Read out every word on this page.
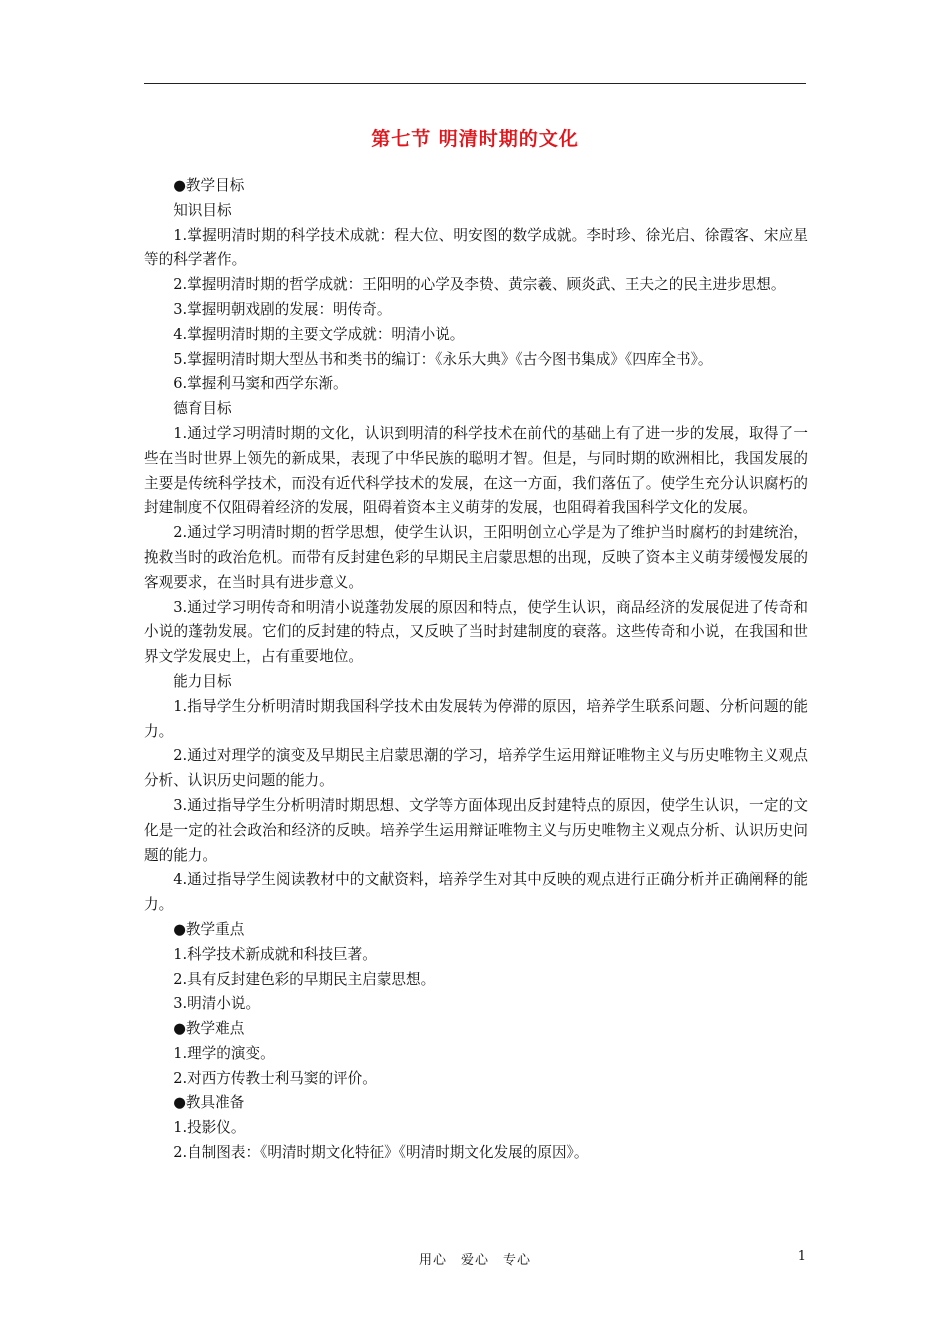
第七节 明清时期的文化

●教学目标

知识目标

1.掌握明清时期的科学技术成就：程大位、明安图的数学成就。李时珍、徐光启、徐霞客、宋应星等的科学著作。

2.掌握明清时期的哲学成就：王阳明的心学及李贽、黄宗羲、顾炎武、王夫之的民主进步思想。

3.掌握明朝戏剧的发展：明传奇。

4.掌握明清时期的主要文学成就：明清小说。

5.掌握明清时期大型丛书和类书的编订：《永乐大典》《古今图书集成》《四库全书》。

6.掌握利马窦和西学东渐。

德育目标

1.通过学习明清时期的文化，认识到明清的科学技术在前代的基础上有了进一步的发展，取得了一些在当时世界上领先的新成果，表现了中华民族的聪明才智。但是，与同时期的欧洲相比，我国发展的主要是传统科学技术，而没有近代科学技术的发展，在这一方面，我们落伍了。使学生充分认识腐朽的封建制度不仅阻碍着经济的发展，阻碍着资本主义萌芽的发展，也阻碍着我国科学文化的发展。

2.通过学习明清时期的哲学思想，使学生认识，王阳明创立心学是为了维护当时腐朽的封建统治，挽救当时的政治危机。而带有反封建色彩的早期民主启蒙思想的出现，反映了资本主义萌芽缓慢发展的客观要求，在当时具有进步意义。

3.通过学习明传奇和明清小说蓬勃发展的原因和特点，使学生认识，商品经济的发展促进了传奇和小说的蓬勃发展。它们的反封建的特点，又反映了当时封建制度的衰落。这些传奇和小说，在我国和世界文学发展史上，占有重要地位。

能力目标

1.指导学生分析明清时期我国科学技术由发展转为停滞的原因，培养学生联系问题、分析问题的能力。

2.通过对理学的演变及早期民主启蒙思潮的学习，培养学生运用辩证唯物主义与历史唯物主义观点分析、认识历史问题的能力。

3.通过指导学生分析明清时期思想、文学等方面体现出反封建特点的原因，使学生认识，一定的文化是一定的社会政治和经济的反映。培养学生运用辩证唯物主义与历史唯物主义观点分析、认识历史问题的能力。

4.通过指导学生阅读教材中的文献资料，培养学生对其中反映的观点进行正确分析并正确阐释的能力。

●教学重点

1.科学技术新成就和科技巨著。

2.具有反封建色彩的早期民主启蒙思想。

3.明清小说。

●教学难点

1.理学的演变。

2.对西方传教士利马窦的评价。

●教具准备

1.投影仪。

2.自制图表：《明清时期文化特征》《明清时期文化发展的原因》。

用心　爱心　专心	1
